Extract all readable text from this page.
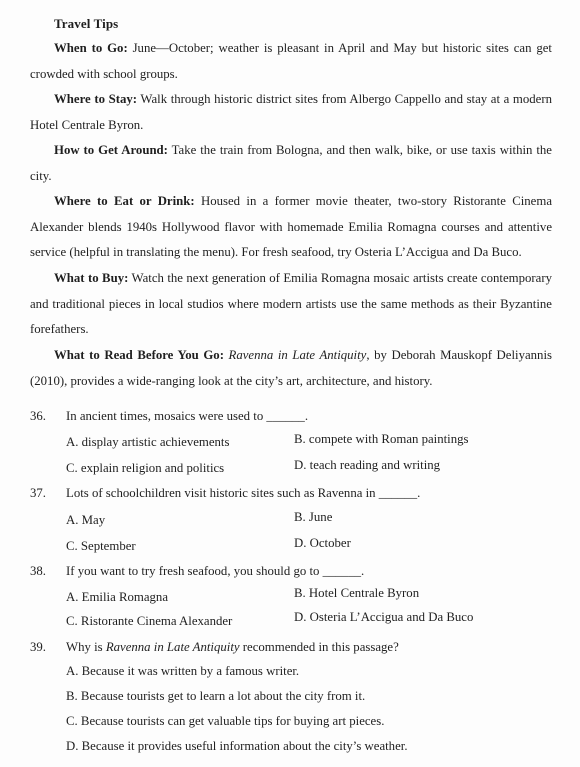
Travel Tips

When to Go: June—October; weather is pleasant in April and May but historic sites can get crowded with school groups.

Where to Stay: Walk through historic district sites from Albergo Cappello and stay at a modern Hotel Centrale Byron.

How to Get Around: Take the train from Bologna, and then walk, bike, or use taxis within the city.

Where to Eat or Drink: Housed in a former movie theater, two-story Ristorante Cinema Alexander blends 1940s Hollywood flavor with homemade Emilia Romagna courses and attentive service (helpful in translating the menu). For fresh seafood, try Osteria L’Accigua and Da Buco.

What to Buy: Watch the next generation of Emilia Romagna mosaic artists create contemporary and traditional pieces in local studios where modern artists use the same methods as their Byzantine forefathers.

What to Read Before You Go: Ravenna in Late Antiquity, by Deborah Mauskopf Deliyannis (2010), provides a wide-ranging look at the city’s art, architecture, and history.

36. In ancient times, mosaics were used to ______.
A. display artistic achievements	B. compete with Roman paintings
C. explain religion and politics	D. teach reading and writing
37. Lots of schoolchildren visit historic sites such as Ravenna in ______.
A. May	B. June
C. September	D. October
38. If you want to try fresh seafood, you should go to ______.
A. Emilia Romagna	B. Hotel Centrale Byron
C. Ristorante Cinema Alexander	D. Osteria L’Accigua and Da Buco
39. Why is Ravenna in Late Antiquity recommended in this passage?
A. Because it was written by a famous writer.
B. Because tourists get to learn a lot about the city from it.
C. Because tourists can get valuable tips for buying art pieces.
D. Because it provides useful information about the city’s weather.
